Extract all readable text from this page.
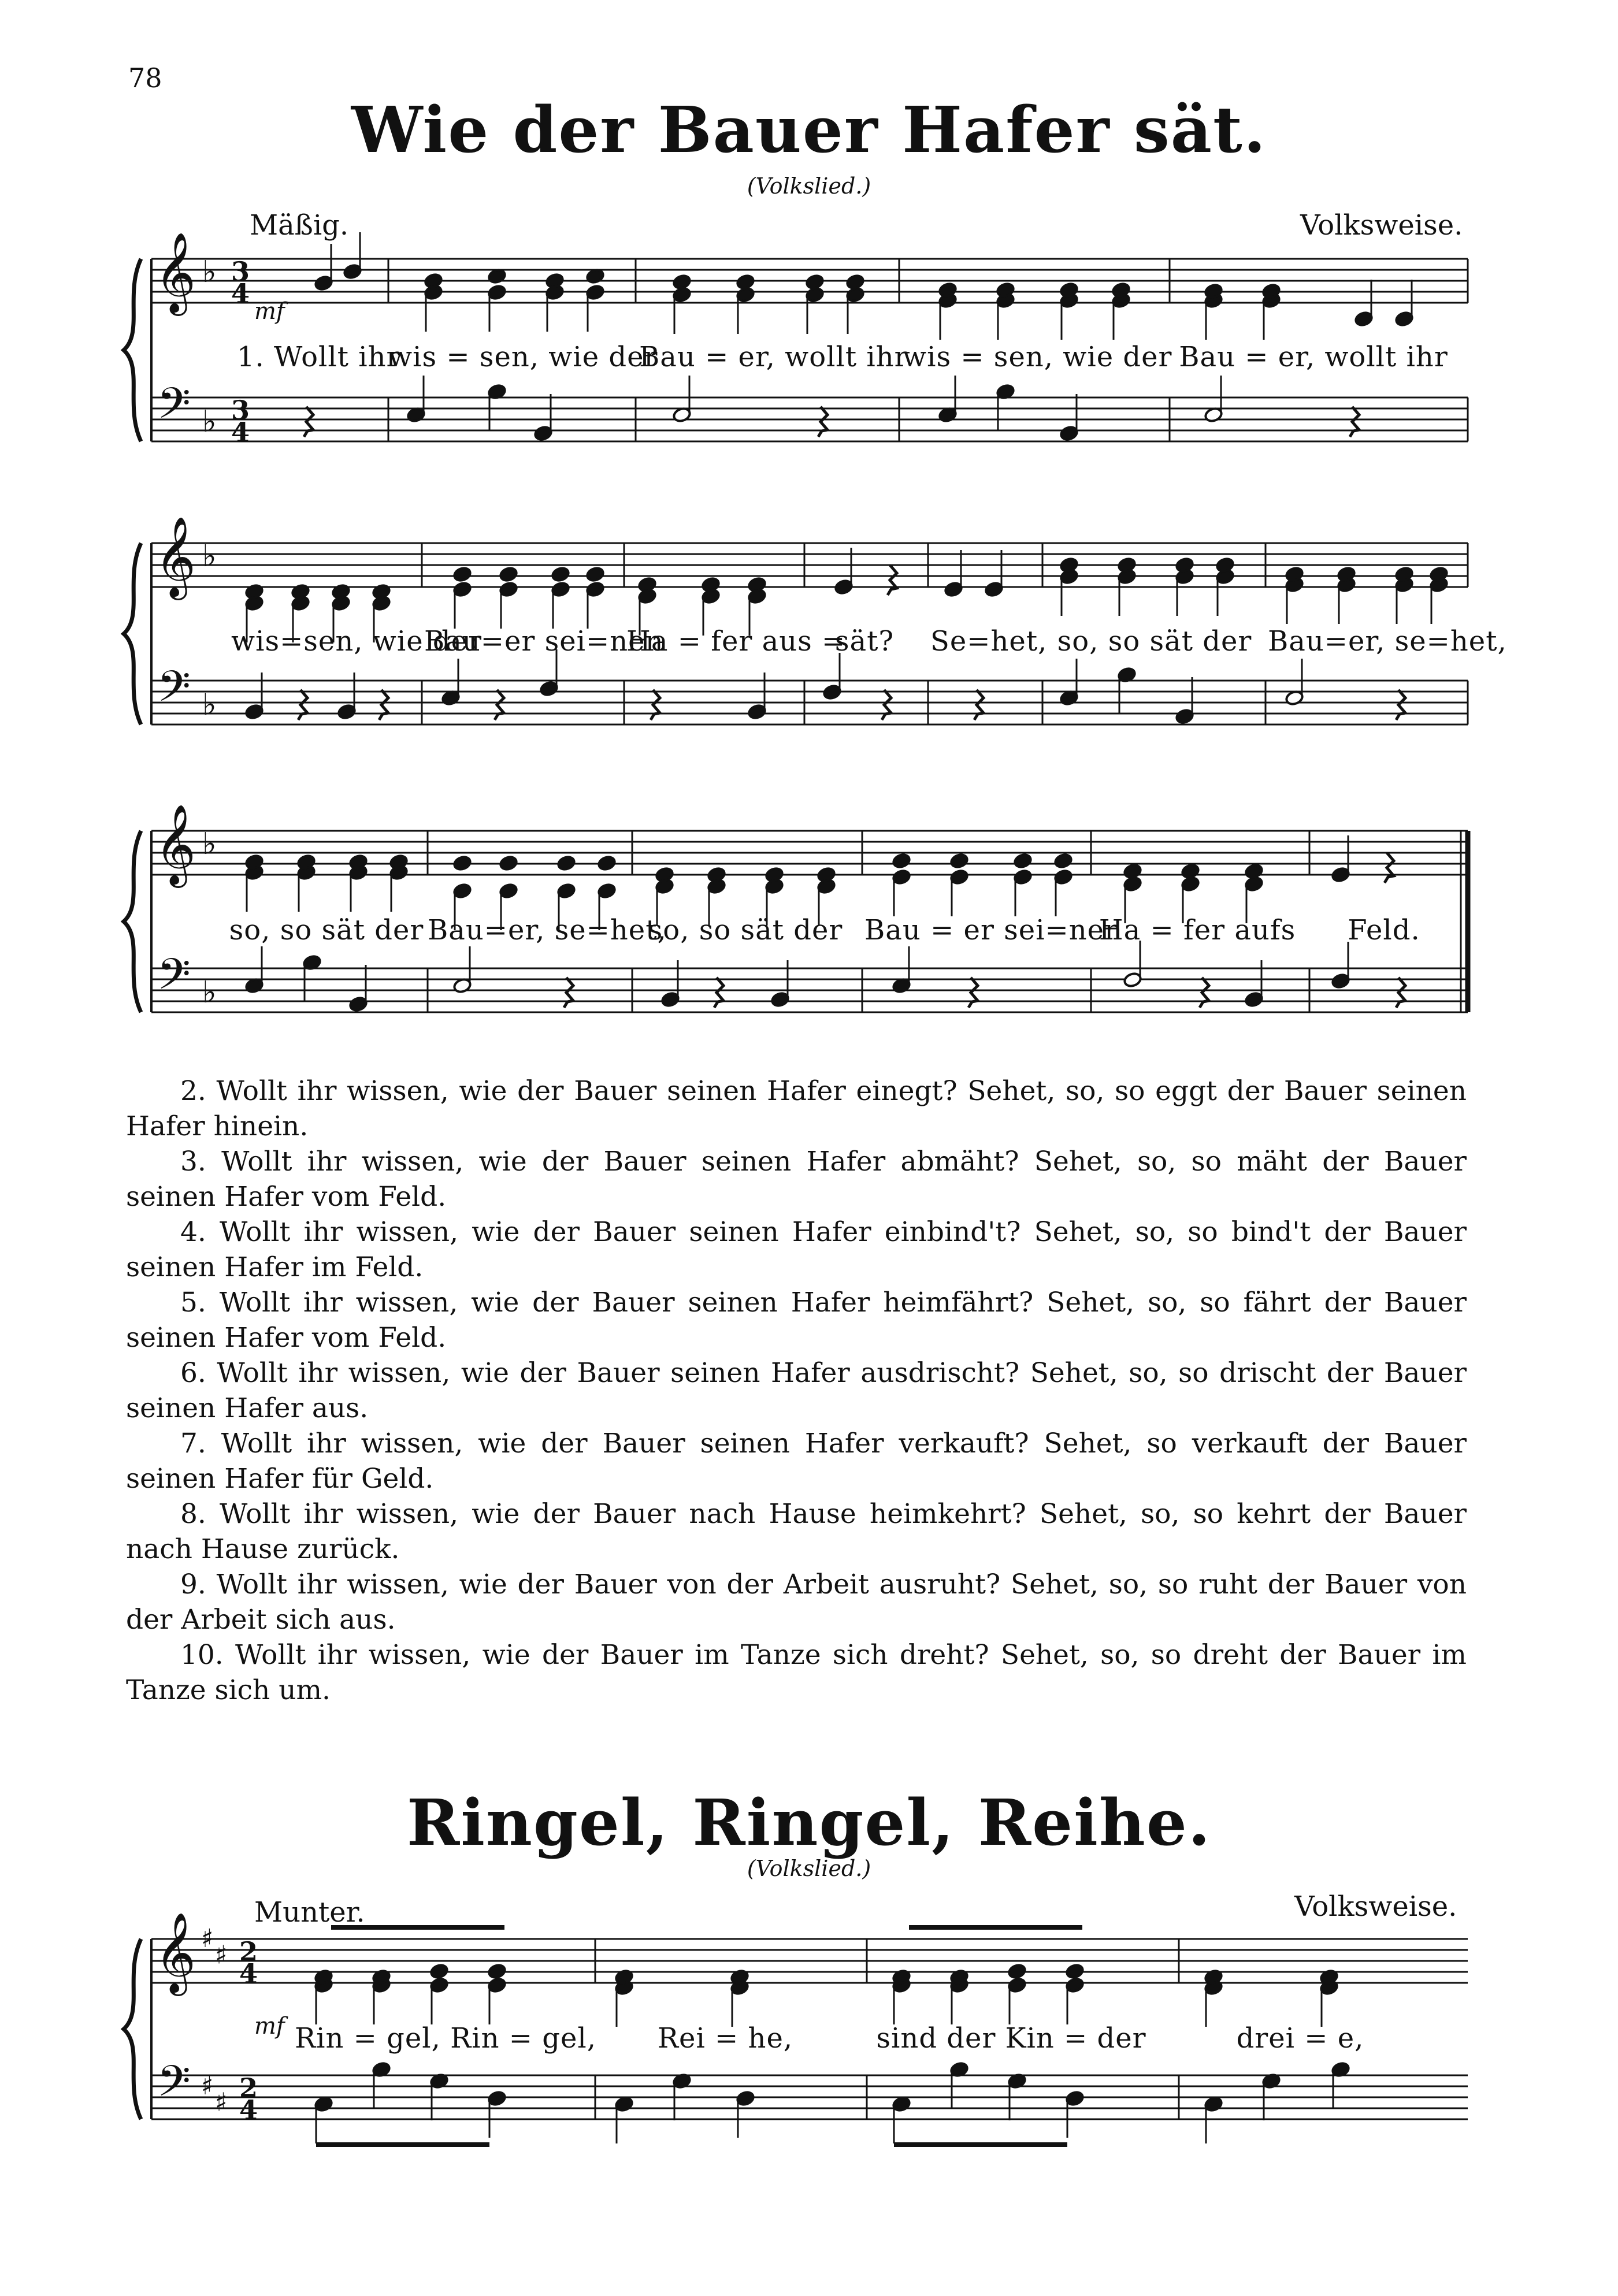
78
Wie der Bauer Hafer sät.
(Volkslied.)
Mäßig.	Volksweise.
Ringel, Ringel, Reihe.
(Volkslied.)
Munter.	Volksweise.
𝄞
𝄢
♭
♭
𝄞
𝄢
♭
♭
𝄞
𝄢
♭
♭
𝄞
𝄢
♯
♯
♯
♯
3
4
3
4
2
4
2
4
mf
mf
1. Wollt ihr
wis = sen, wie der
Bau = er, wollt ihr
wis = sen, wie der Bau = er, wollt ihr
wis=sen, wie der
Bau=er sei=nen
Ha = fer aus =
sät?	Se=het, so, so sät der Bau=er, se=het,
so, so sät der Bau=er, se=het,
so, so sät der Bau = er sei=nen
Ha = fer aufs	Feld.
2. Wollt ihr wissen, wie der Bauer seinen Hafer einegt? Sehet, so, so eggt der Bauer seinen Hafer hinein.
3. Wollt ihr wissen, wie der Bauer seinen Hafer abmäht? Sehet, so, so mäht der Bauer seinen Hafer vom Feld.
4. Wollt ihr wissen, wie der Bauer seinen Hafer einbind't? Sehet, so, so bind't der Bauer seinen Hafer im Feld.
5. Wollt ihr wissen, wie der Bauer seinen Hafer heimfährt? Sehet, so, so fährt der Bauer seinen Hafer vom Feld.
6. Wollt ihr wissen, wie der Bauer seinen Hafer ausdrischt? Sehet, so, so drischt der Bauer seinen Hafer aus.
7. Wollt ihr wissen, wie der Bauer seinen Hafer verkauft? Sehet, so verkauft der Bauer seinen Hafer für Geld.
8. Wollt ihr wissen, wie der Bauer nach Hause heimkehrt? Sehet, so, so kehrt der Bauer nach Hause zurück.
9. Wollt ihr wissen, wie der Bauer von der Arbeit ausruht? Sehet, so, so ruht der Bauer von der Arbeit sich aus.
10. Wollt ihr wissen, wie der Bauer im Tanze sich dreht? Sehet, so, so dreht der Bauer im Tanze sich um.
Rin = gel, Rin = gel,	Rei = he,	sind der Kin = der	drei = e,
